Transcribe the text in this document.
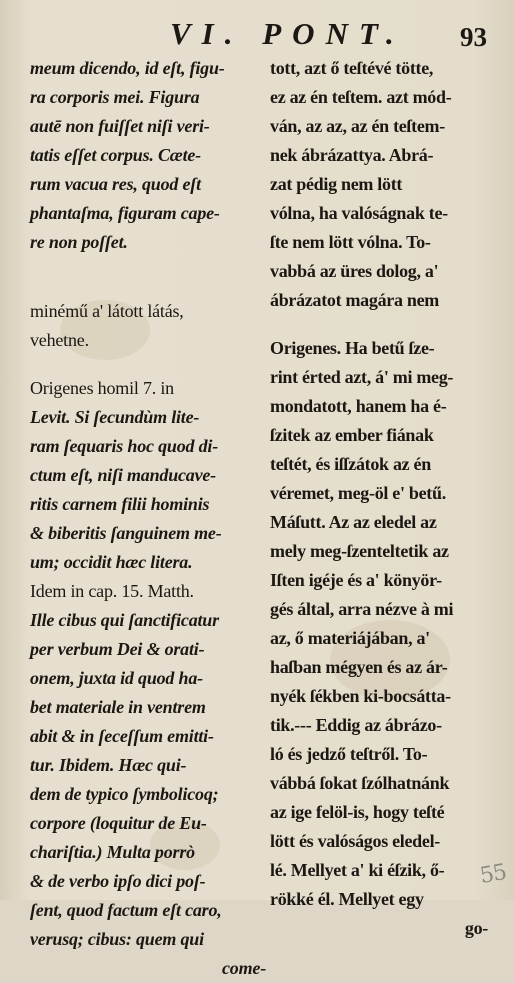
VI. PONT. 93
meum dicendo, id eſt, figu-
ra corporis mei. Figura
autē non fuiſſet niſi veri-
tatis eſſet corpus. Cæte-
rum vacua res, quod eſt
phantaſma, figuram cape-
re non poſſet.
minémű a' látott látás,
vehetne.
Origenes homil 7. in
Levit. Si ſecundùm lite-
ram ſequaris hoc quod di-
ctum eſt, niſi manducave-
ritis carnem filii hominis
& biberitis ſanguinem me-
um; occidit hæc litera.
Idem in cap. 15. Matth.
Ille cibus qui ſanctificatur
per verbum Dei & orati-
onem, juxta id quod ha-
bet materiale in ventrem
abit & in ſeceſſum emitti-
tur. Ibidem. Hæc qui-
dem de typico ſymbolicoq;
corpore (loquitur de Eu-
chariſtia.) Multa porrò
& de verbo ipſo dici poſ-
ſent, quod factum eſt caro,
verusq; cibus: quem qui
come-
tott, azt ő teſtévé tötte,
ez az én teſtem. azt mód-
ván, az az, az én teſtem-
nek ábrázattya. Abrá-
zat pédig nem lött
vólna, ha valóságnak te-
ſte nem lött vólna. To-
vabbá az üres dolog, a'
ábrázatot magára nem
Origenes. Ha betű ſze-
rint érted azt, á' mi meg-
mondatott, hanem ha é-
ſzitek az ember fiának
teſtét, és iſſzátok az én
véremet, meg-öl e' betű.
Máſutt. Az az eledel az
mely meg-ſzenteltetik az
Iſten igéje és a' könyör-
gés által, arra nézve à mi
az, ő materiájában, a'
haſban mégyen és az ár-
nyék ſékben ki-bocsátta-
tik.--- Eddig az ábrázo-
ló és jedző teſtről. To-
vábbá ſokat ſzólhatnánk
az ige felöl-is, hogy teſté
lött és valóságos eledel-
lé. Mellyet a' ki éſzik, ő-
rökké él. Mellyet egy
go-
55
